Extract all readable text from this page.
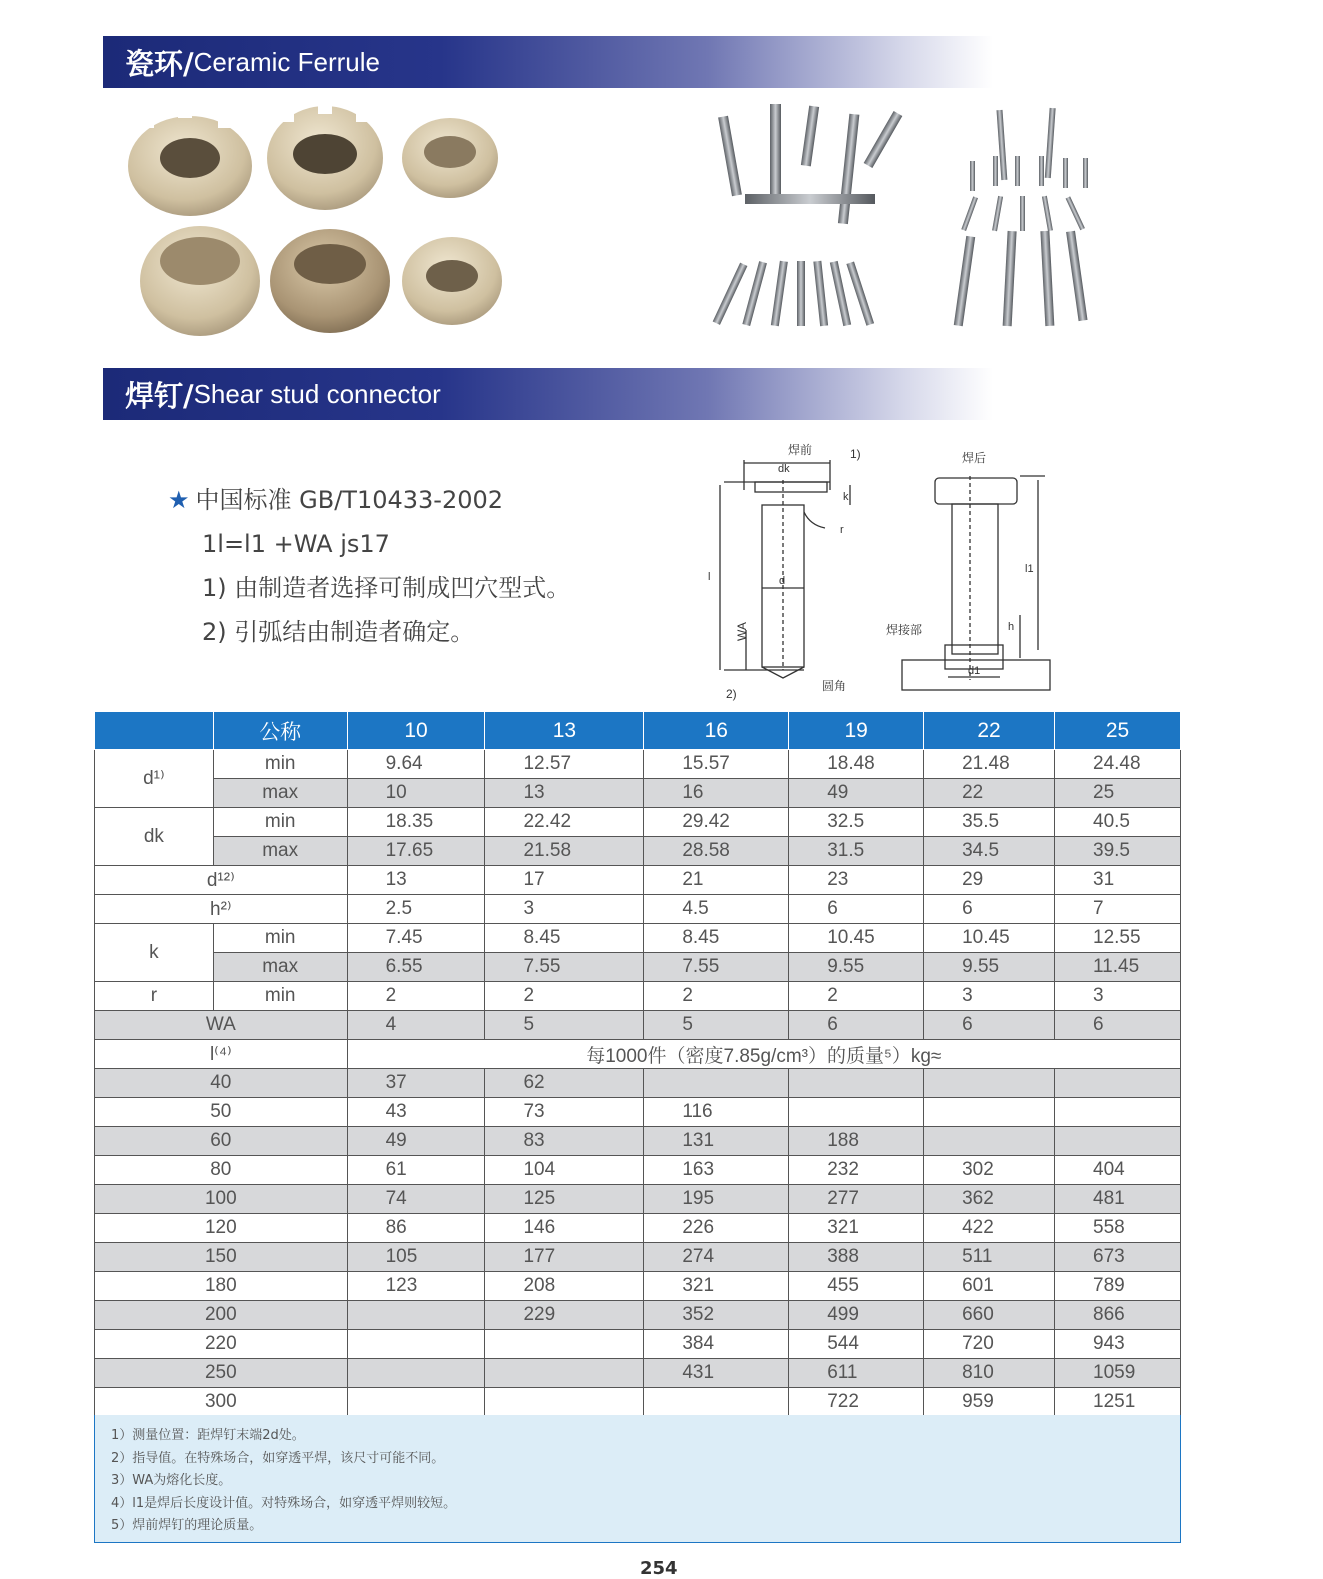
瓷环/ Ceramic Ferrule
焊钉/ Shear stud connector
★ 中国标准 GB/T10433-2002
1l=l1 +WA js17
1) 由制造者选择可制成凹穴型式。
2) 引弧结由制造者确定。
焊前	1)
dk
k
r
d
l
WA
2)
圆角
焊后
l1
h
焊接部
d1
	公称	10	13	16	19	22	25
d¹⁾	min	9.64	12.57	15.57	18.48	21.48	24.48
	max	10	13	16	49	22	25
dk	min	18.35	22.42	29.42	32.5	35.5	40.5
	max	17.65	21.58	28.58	31.5	34.5	39.5
d¹²⁾		13	17	21	23	29	31
h²⁾		2.5	3	4.5	6	6	7
k	min	7.45	8.45	8.45	10.45	10.45	12.55
	max	6.55	7.55	7.55	9.55	9.55	11.45
r	min	2	2	2	2	3	3
WA		4	5	5	6	6	6
l⁽⁴⁾		每1000件（密度7.85g/cm³）的质量⁵）kg≈					
40		37	62				
50		43	73	116			
60		49	83	131	188		
80		61	104	163	232	302	404
100		74	125	195	277	362	481
120		86	146	226	321	422	558
150		105	177	274	388	511	673
180		123	208	321	455	601	789
200			229	352	499	660	866
220				384	544	720	943
250				431	611	810	1059
300					722	959	1251
1）测量位置：距焊钉末端2d处。
2）指导值。在特殊场合，如穿透平焊，该尺寸可能不同。
3）WA为熔化长度。
4）l1是焊后长度设计值。对特殊场合，如穿透平焊则较短。
5）焊前焊钉的理论质量。
254
